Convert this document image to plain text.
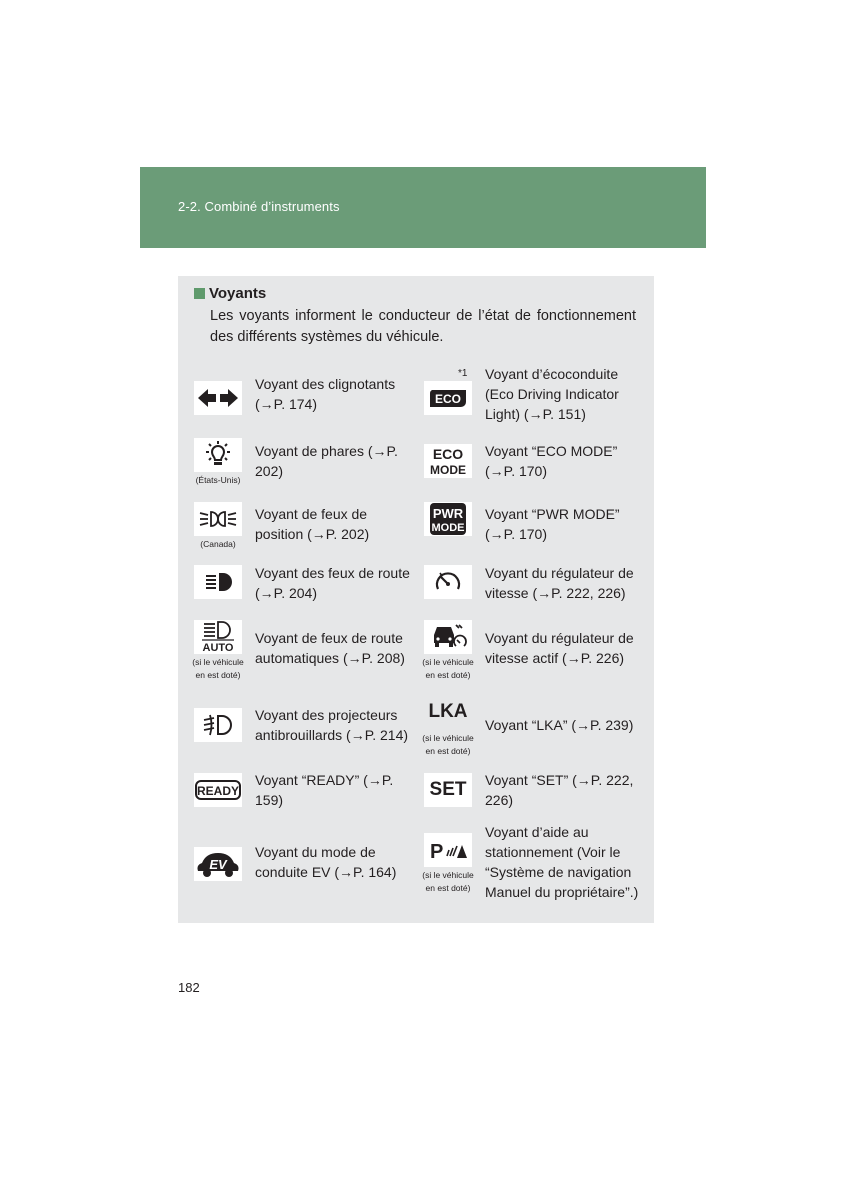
2-2. Combiné d’instruments
Voyants
Les voyants informent le conducteur de l’état de fonctionnement des différents systèmes du véhicule.
Voyant des clignotants (→P. 174)
(États-Unis)
Voyant de phares (→P. 202)
(Canada)
Voyant de feux de position (→P. 202)
Voyant des feux de route (→P. 204)
AUTO
(si le véhicule en est doté)
Voyant de feux de route automatiques (→P. 208)
Voyant des projecteurs antibrouillards (→P. 214)
READY
Voyant “READY” (→P. 159)
EV
Voyant du mode de conduite EV (→P. 164)
*1
ECO
Voyant d’écoconduite (Eco Driving Indicator Light) (→P. 151)
ECO
MODE
Voyant “ECO MODE” (→P. 170)
PWR
MODE
Voyant “PWR MODE” (→P. 170)
Voyant du régulateur de vitesse (→P. 222, 226)
(si le véhicule en est doté)
Voyant du régulateur de vitesse actif (→P. 226)
LKA
(si le véhicule en est doté)
Voyant “LKA” (→P. 239)
SET Voyant “SET” (→P. 222, 226)
P
(si le véhicule en est doté)
Voyant d’aide au stationnement (Voir le “Système de navigation Manuel du propriétaire”.)
182
